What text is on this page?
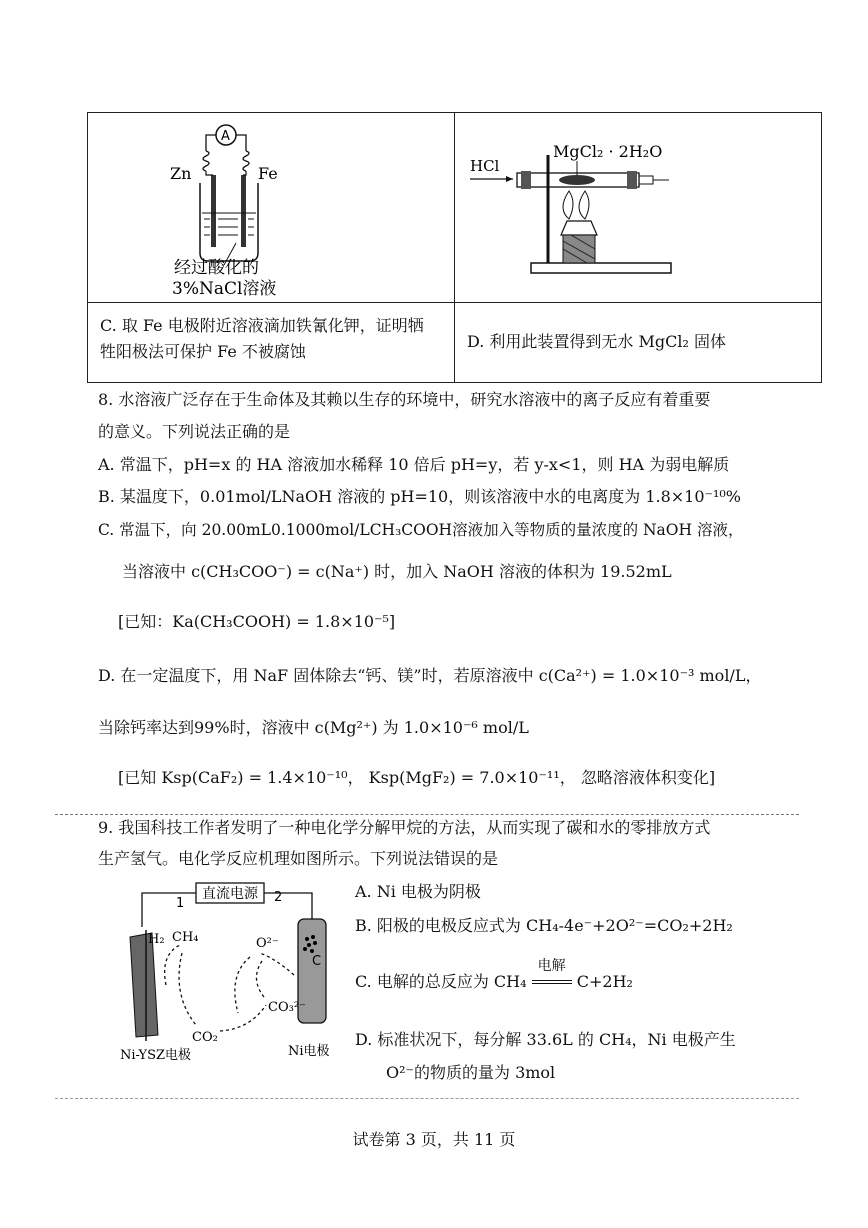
A
Zn Fe
经过酸化的
3%NaCl溶液	HCl
MgCl₂ · 2H₂O

C. 取 Fe 电极附近溶液滴加铁氰化钾，证明牺
牲阳极法可保护 Fe 不被腐蚀	D. 利用此装置得到无水 MgCl₂ 固体
8. 水溶液广泛存在于生命体及其赖以生存的环境中，研究水溶液中的离子反应有着重要
的意义。下列说法正确的是
A. 常温下，pH=x 的 HA 溶液加水稀释 10 倍后 pH=y，若 y-x<1，则 HA 为弱电解质
B. 某温度下，0.01mol/LNaOH 溶液的 pH=10，则该溶液中水的电离度为 1.8×10⁻¹⁰%
C. 常温下，向 20.00mL0.1000mol/LCH₃COOH溶液加入等物质的量浓度的 NaOH 溶液，
当溶液中 c(CH₃COO⁻) = c(Na⁺) 时，加入 NaOH 溶液的体积为 19.52mL
[已知：Ka(CH₃COOH) = 1.8×10⁻⁵]
D. 在一定温度下，用 NaF 固体除去“钙、镁”时，若原溶液中 c(Ca²⁺) = 1.0×10⁻³ mol/L，
当除钙率达到99%时，溶液中 c(Mg²⁺) 为 1.0×10⁻⁶ mol/L
[已知 Ksp(CaF₂) = 1.4×10⁻¹⁰， Ksp(MgF₂) = 7.0×10⁻¹¹， 忽略溶液体积变化]
9. 我国科技工作者发明了一种电化学分解甲烷的方法，从而实现了碳和水的零排放方式
生产氢气。电化学反应机理如图所示。下列说法错误的是
直流电源
1	2
C
H₂ CH₄	O²⁻
CO₂
CO₃²⁻
Ni-YSZ电极	Ni电极
A. Ni 电极为阴极
B. 阳极的电极反应式为 CH₄-4e⁻+2O²⁻=CO₂+2H₂
C. 电解的总反应为 CH₄
电解
C+2H₂
D. 标准状况下，每分解 33.6L 的 CH₄，Ni 电极产生
O²⁻的物质的量为 3mol
试卷第 3 页，共 11 页
